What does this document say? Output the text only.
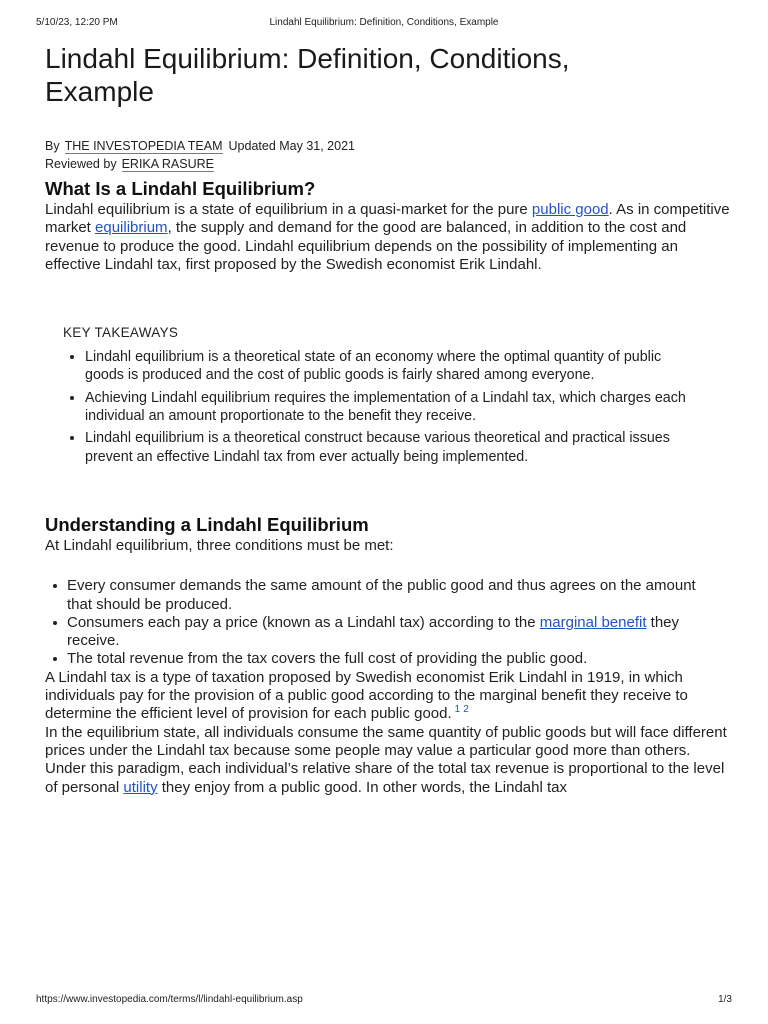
5/10/23, 12:20 PM	Lindahl Equilibrium: Definition, Conditions, Example
Lindahl Equilibrium: Definition, Conditions, Example
By THE INVESTOPEDIA TEAM Updated May 31, 2021
Reviewed by ERIKA RASURE
What Is a Lindahl Equilibrium?

Lindahl equilibrium is a state of equilibrium in a quasi-market for the pure public good. As in competitive market equilibrium, the supply and demand for the good are balanced, in addition to the cost and revenue to produce the good. Lindahl equilibrium depends on the possibility of implementing an effective Lindahl tax, first proposed by the Swedish economist Erik Lindahl.

KEY TAKEAWAYS
Lindahl equilibrium is a theoretical state of an economy where the optimal quantity of public goods is produced and the cost of public goods is fairly shared among everyone.
Achieving Lindahl equilibrium requires the implementation of a Lindahl tax, which charges each individual an amount proportionate to the benefit they receive.
Lindahl equilibrium is a theoretical construct because various theoretical and practical issues prevent an effective Lindahl tax from ever actually being implemented.
Understanding a Lindahl Equilibrium

At Lindahl equilibrium, three conditions must be met:

Every consumer demands the same amount of the public good and thus agrees on the amount that should be produced.
Consumers each pay a price (known as a Lindahl tax) according to the marginal benefit they receive.
The total revenue from the tax covers the full cost of providing the public good.

A Lindahl tax is a type of taxation proposed by Swedish economist Erik Lindahl in 1919, in which individuals pay for the provision of a public good according to the marginal benefit they receive to determine the efficient level of provision for each public good. $^{1 2}$

In the equilibrium state, all individuals consume the same quantity of public goods but will face different prices under the Lindahl tax because some people may value a particular good more than others.

Under this paradigm, each individual’s relative share of the total tax revenue is proportional to the level of personal utility they enjoy from a public good. In other words, the Lindahl tax

https://www.investopedia.com/terms/l/lindahl-equilibrium.asp	1/3
